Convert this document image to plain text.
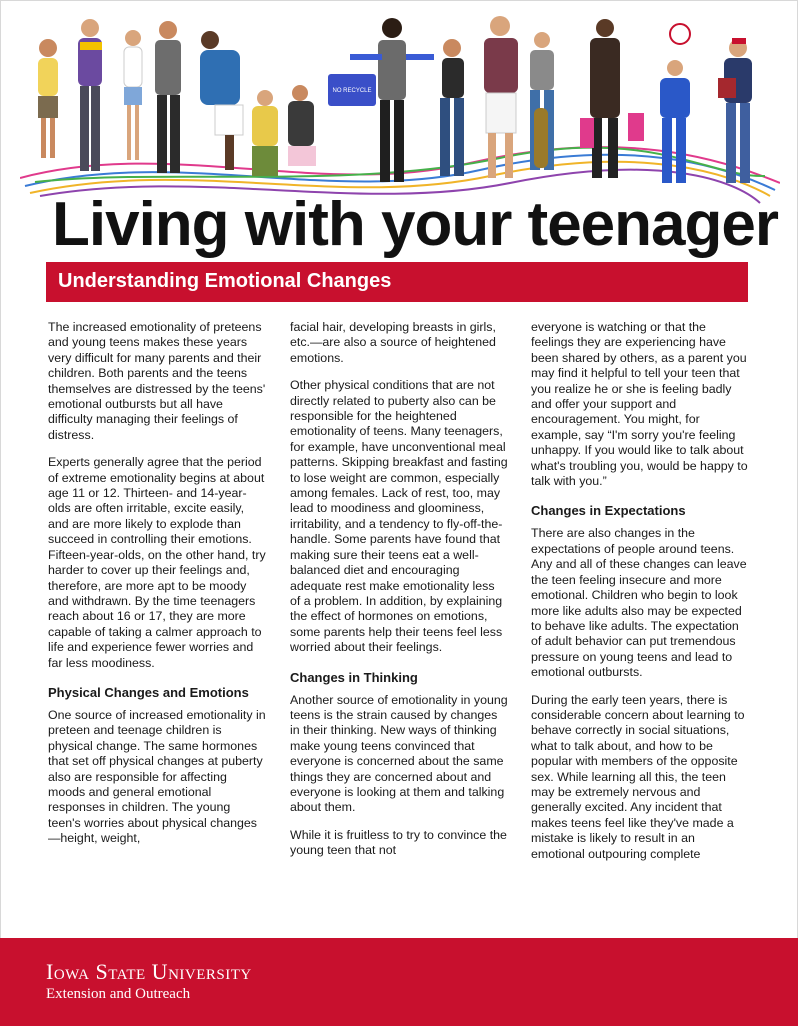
NO RECYCLE
Living with your teenager
Understanding Emotional Changes

The increased emotionality of preteens and young teens makes these years very difficult for many parents and their children. Both parents and the teens themselves are distressed by the teens' emotional outbursts but all have difficulty managing their feelings of distress.

Experts generally agree that the period of extreme emotionality begins at about age 11 or 12. Thirteen- and 14-year-olds are often irritable, excite easily, and are more likely to explode than succeed in controlling their emotions. Fifteen-year-olds, on the other hand, try harder to cover up their feelings and, therefore, are more apt to be moody and withdrawn. By the time teenagers reach about 16 or 17, they are more capable of taking a calmer approach to life and experience fewer worries and far less moodiness.

Physical Changes and Emotions

One source of increased emotionality in preteen and teenage children is physical change. The same hormones that set off physical changes at puberty also are responsible for affecting moods and general emotional responses in children. The young teen's worries about physical changes—height, weight,

facial hair, developing breasts in girls, etc.—are also a source of heightened emotions.

Other physical conditions that are not directly related to puberty also can be responsible for the heightened emotionality of teens. Many teenagers, for example, have unconventional meal patterns. Skipping breakfast and fasting to lose weight are common, especially among females. Lack of rest, too, may lead to moodiness and gloominess, irritability, and a tendency to fly-off-the-handle. Some parents have found that making sure their teens eat a well-balanced diet and encouraging adequate rest make emotionality less of a problem. In addition, by explaining the effect of hormones on emotions, some parents help their teens feel less worried about their feelings.

Changes in Thinking

Another source of emotionality in young teens is the strain caused by changes in their thinking. New ways of thinking make young teens convinced that everyone is concerned about the same things they are concerned about and everyone is looking at them and talking about them.

While it is fruitless to try to convince the young teen that not

everyone is watching or that the feelings they are experiencing have been shared by others, as a parent you may find it helpful to tell your teen that you realize he or she is feeling badly and offer your support and encouragement. You might, for example, say “I'm sorry you're feeling unhappy. If you would like to talk about what's troubling you, would be happy to talk with you.”

Changes in Expectations

There are also changes in the expectations of people around teens. Any and all of these changes can leave the teen feeling insecure and more emotional. Children who begin to look more like adults also may be expected to behave like adults. The expectation of adult behavior can put tremendous pressure on young teens and lead to emotional outbursts.

During the early teen years, there is considerable concern about learning to behave correctly in social situations, what to talk about, and how to be popular with members of the opposite sex. While learning all this, the teen may be extremely nervous and generally excited. Any incident that makes teens feel like they've made a mistake is likely to result in an emotional outpouring complete

Iowa State University
Extension and Outreach
